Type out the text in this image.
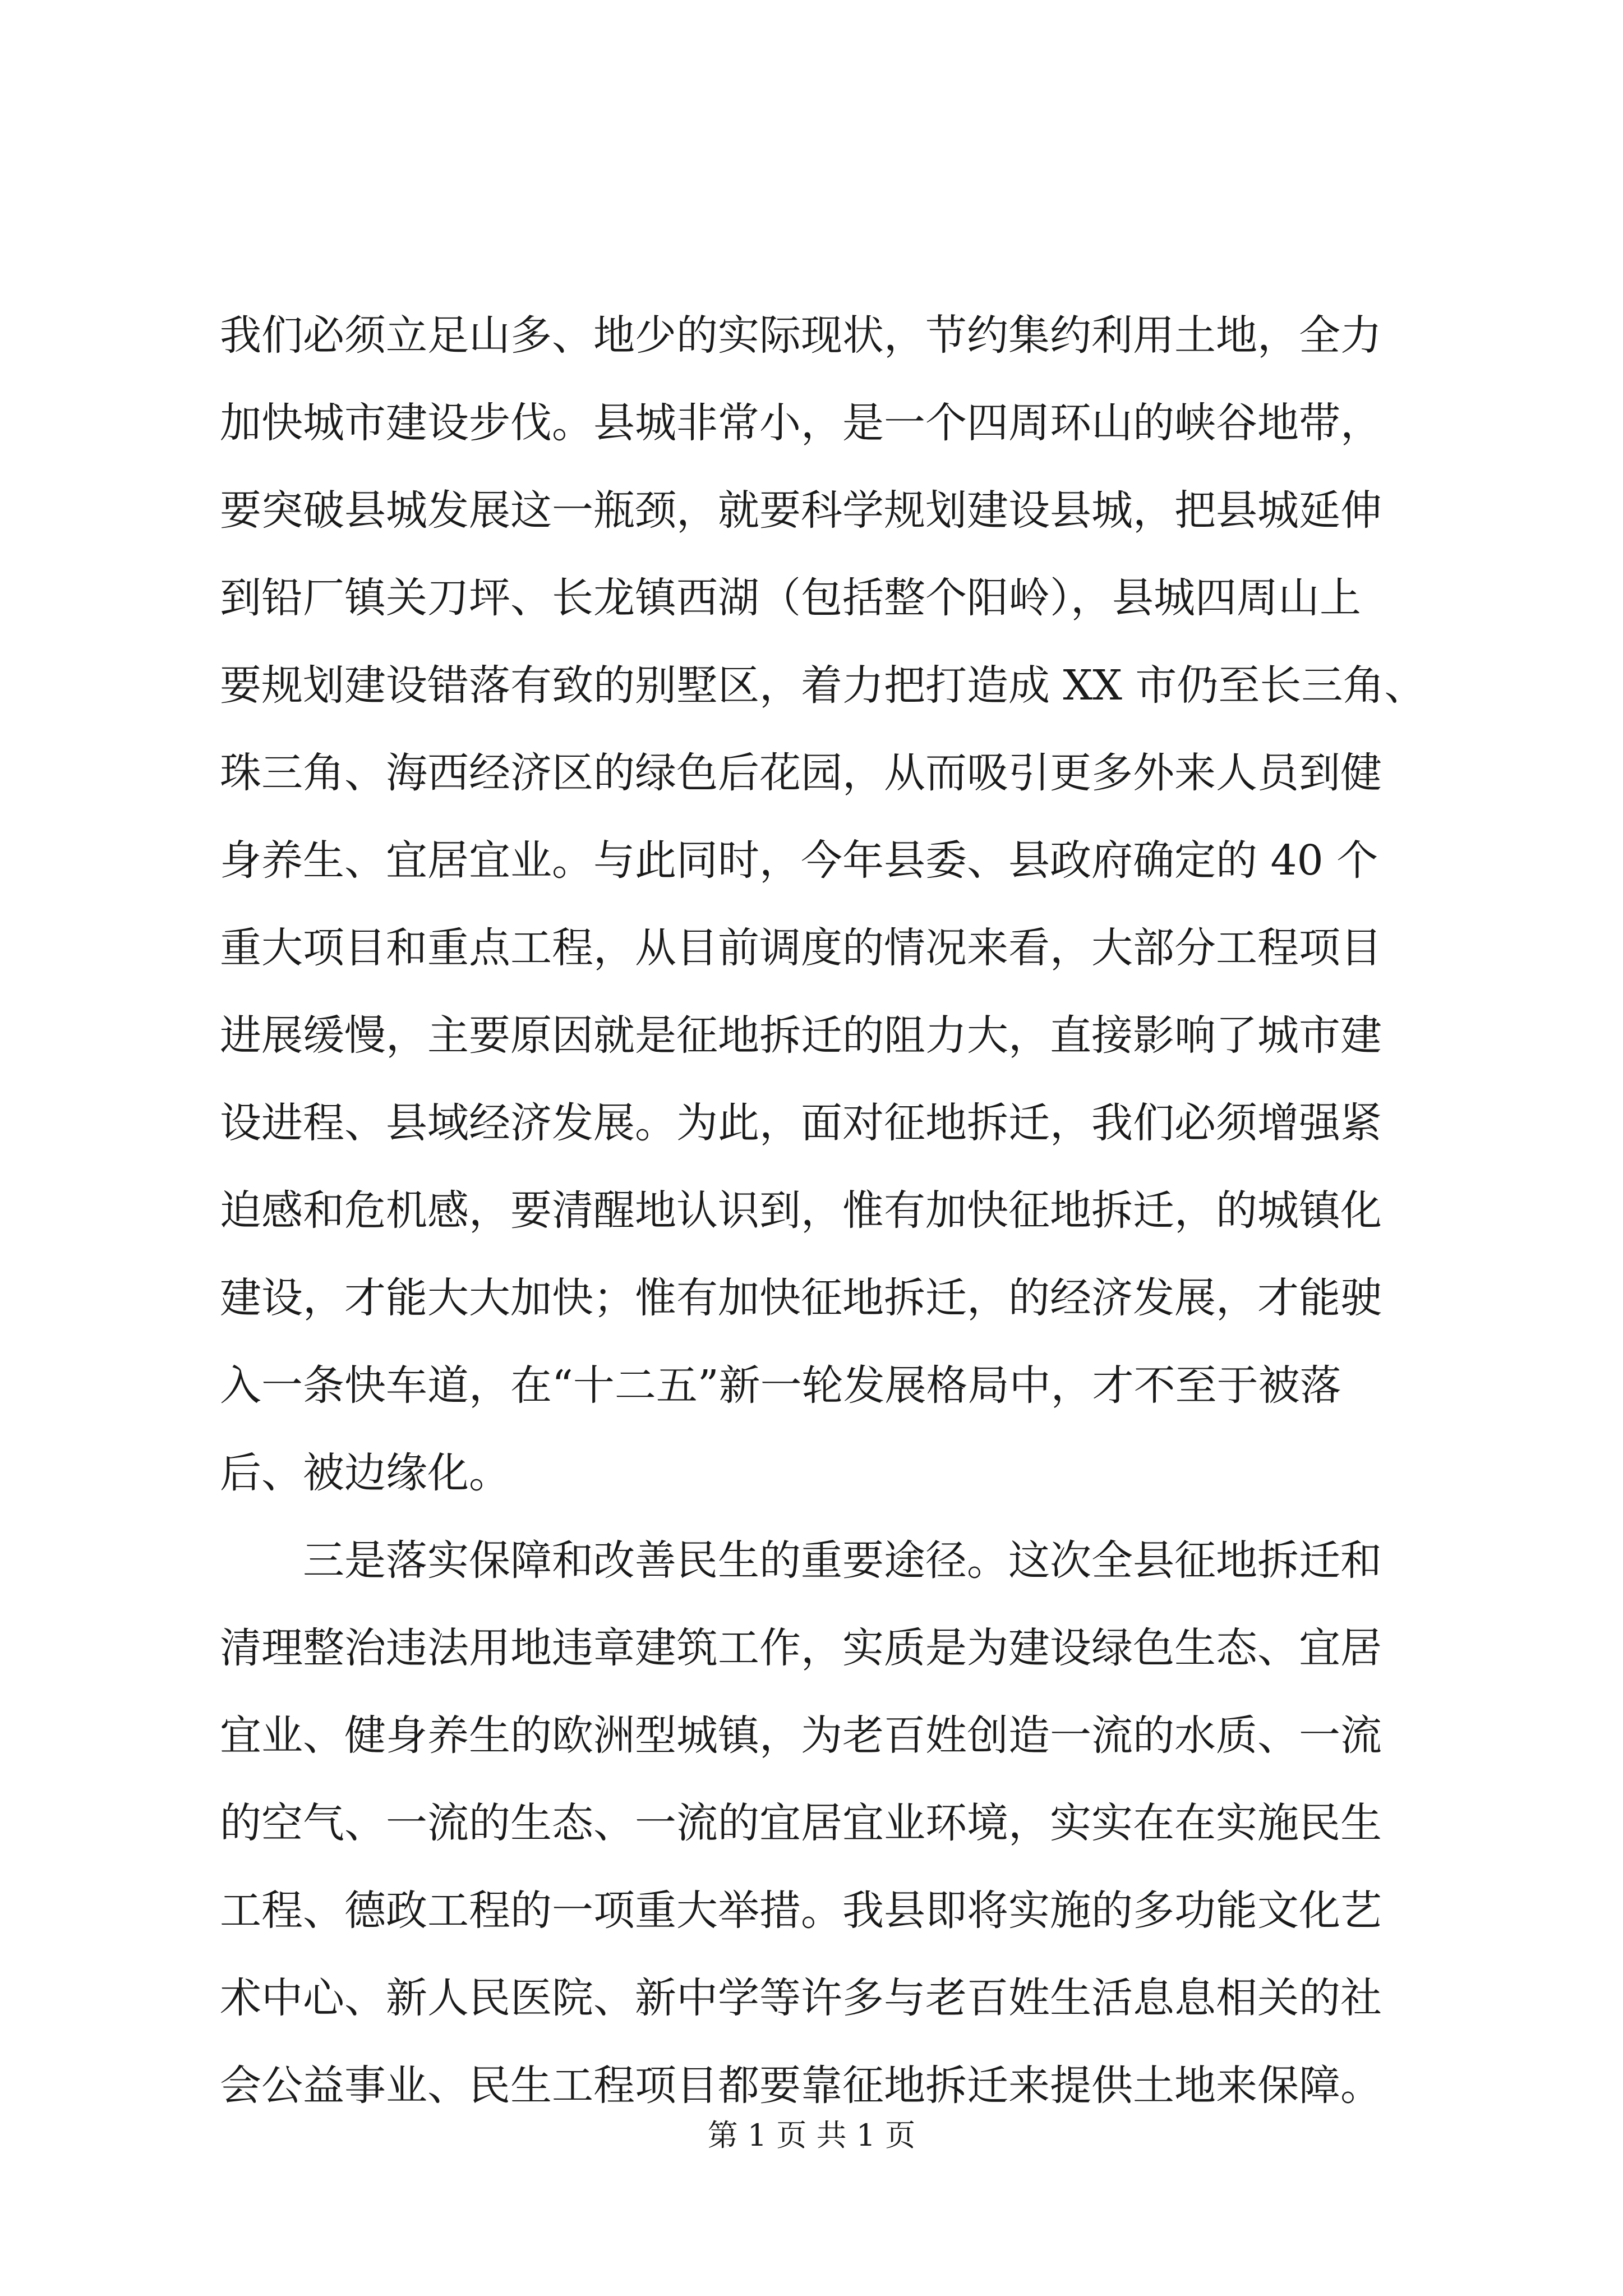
我们必须立足山多、地少的实际现状，节约集约利用土地，全力
加快城市建设步伐。县城非常小，是一个四周环山的峡谷地带，
要突破县城发展这一瓶颈，就要科学规划建设县城，把县城延伸
到铅厂镇关刀坪、长龙镇西湖（包括整个阳岭），县城四周山上
要规划建设错落有致的别墅区，着力把打造成 XX 市仍至长三角、
珠三角、海西经济区的绿色后花园，从而吸引更多外来人员到健
身养生、宜居宜业。与此同时，今年县委、县政府确定的 40 个
重大项目和重点工程，从目前调度的情况来看，大部分工程项目
进展缓慢，主要原因就是征地拆迁的阻力大，直接影响了城市建
设进程、县域经济发展。为此，面对征地拆迁，我们必须增强紧
迫感和危机感，要清醒地认识到，惟有加快征地拆迁，的城镇化
建设，才能大大加快；惟有加快征地拆迁，的经济发展，才能驶
入一条快车道，在“十二五”新一轮发展格局中，才不至于被落
后、被边缘化。
　　三是落实保障和改善民生的重要途径。这次全县征地拆迁和
清理整治违法用地违章建筑工作，实质是为建设绿色生态、宜居
宜业、健身养生的欧洲型城镇，为老百姓创造一流的水质、一流
的空气、一流的生态、一流的宜居宜业环境，实实在在实施民生
工程、德政工程的一项重大举措。我县即将实施的多功能文化艺
术中心、新人民医院、新中学等许多与老百姓生活息息相关的社
会公益事业、民生工程项目都要靠征地拆迁来提供土地来保障。
第 1 页 共 1 页
